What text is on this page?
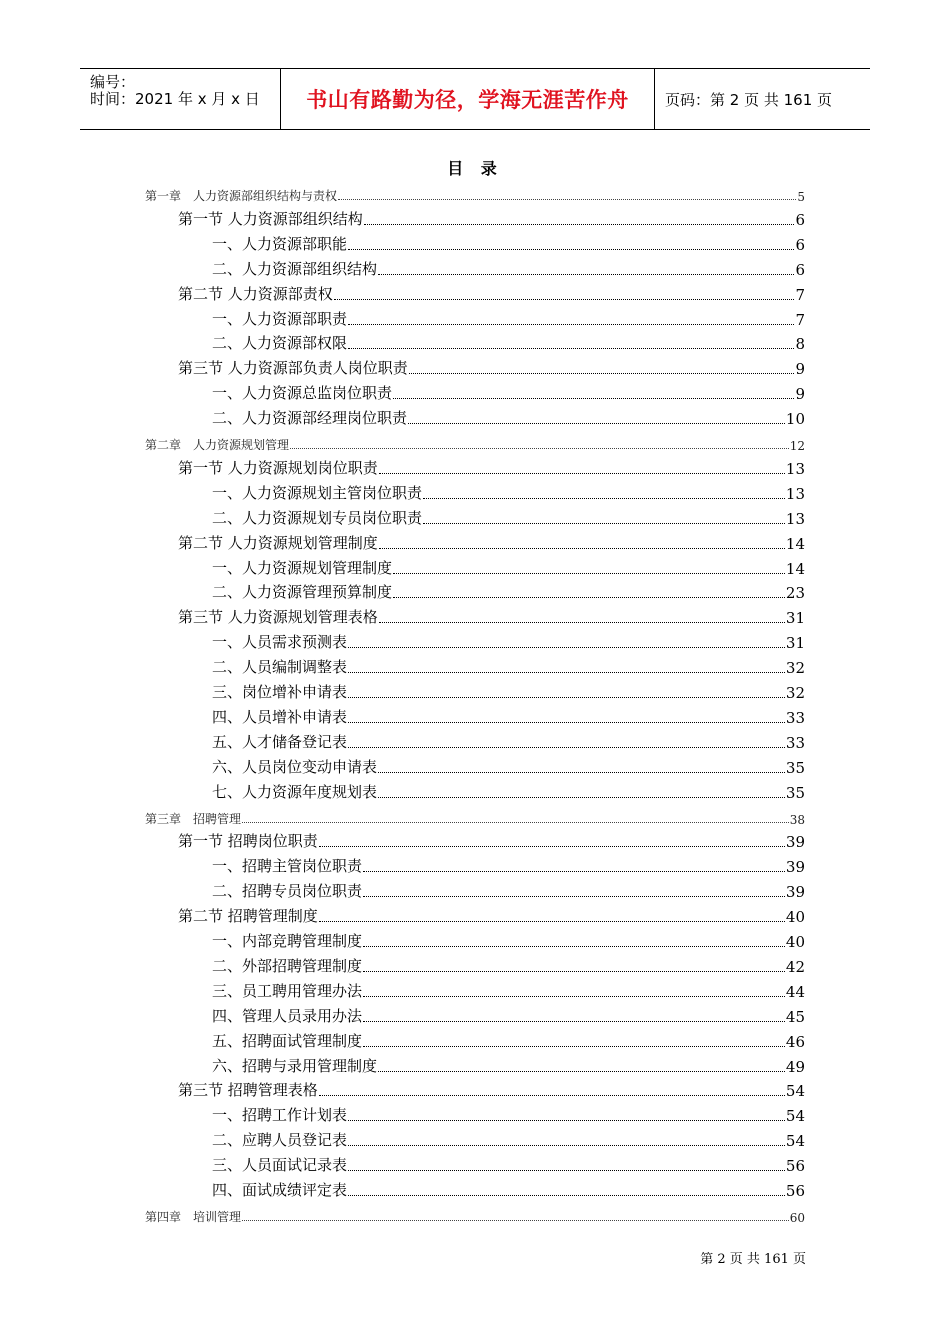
编号：
时间：2021 年 x 月 x 日 书山有路勤为径，学海无涯苦作舟 页码：第 2 页 共 161 页
目 录
第一章　人力资源部组织结构与责权	5
第一节 人力资源部组织结构	6
一、人力资源部职能	6
二、人力资源部组织结构	6
第二节 人力资源部责权	7
一、人力资源部职责	7
二、人力资源部权限	8
第三节 人力资源部负责人岗位职责	9
一、人力资源总监岗位职责	9
二、人力资源部经理岗位职责	10
第二章　人力资源规划管理	12
第一节 人力资源规划岗位职责	13
一、人力资源规划主管岗位职责	13
二、人力资源规划专员岗位职责	13
第二节 人力资源规划管理制度	14
一、人力资源规划管理制度	14
二、人力资源管理预算制度	23
第三节 人力资源规划管理表格	31
一、人员需求预测表	31
二、人员编制调整表	32
三、岗位增补申请表	32
四、人员增补申请表	33
五、人才储备登记表	33
六、人员岗位变动申请表	35
七、人力资源年度规划表	35
第三章　招聘管理	38
第一节 招聘岗位职责	39
一、招聘主管岗位职责	39
二、招聘专员岗位职责	39
第二节 招聘管理制度	40
一、内部竞聘管理制度	40
二、外部招聘管理制度	42
三、员工聘用管理办法	44
四、管理人员录用办法	45
五、招聘面试管理制度	46
六、招聘与录用管理制度	49
第三节 招聘管理表格	54
一、招聘工作计划表	54
二、应聘人员登记表	54
三、人员面试记录表	56
四、面试成绩评定表	56
第四章　培训管理	60
第 2 页 共 161 页
